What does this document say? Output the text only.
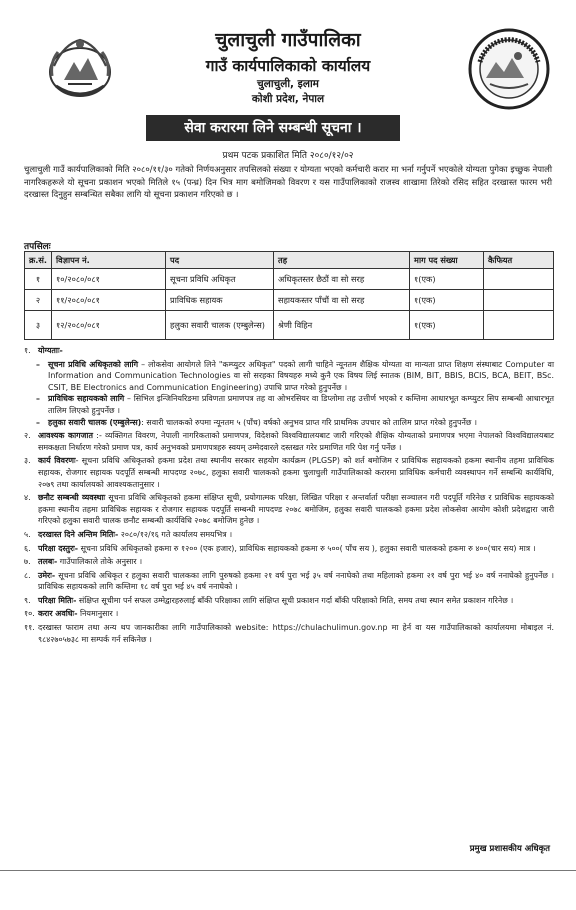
चुलाचुली गाउँपालिका
गाउँ कार्यपालिकाको कार्यालय
चुलाचुली, इलाम
कोशी प्रदेश, नेपाल
सेवा करारमा लिने सम्बन्धी सूचना ।
प्रथम पटक प्रकाशित मिति २०८०/१२/०२
चुलाचुली गाउँ कार्यपालिकाको मिति २०८०/११/३० गतेको निर्णयअनुसार तपसिलको संख्या र योग्यता भएको कर्मचारी करार मा भर्ना गर्नुपर्ने भएकोले योग्यता पुगेका इच्छुक नेपाली नागरिकहरूले यो सूचना प्रकाशन भएको मितिले १५ (पन्ध्र) दिन भित्र माग बमोजिमको विवरण र यस गाउँपालिकाको राजस्व शाखामा तिरेको रसिद सहित दरखास्त फारम भरी दरखास्त दिनुहुन सम्बन्धित सबैका लागि यो सूचना प्रकाशन गरिएको छ ।
तपसिलः
क्र.सं.	विज्ञापन नं.	पद	तह	माग पद संख्या	कैफियत
१	१०/२०८०/०८१	सूचना प्रविधि अधिकृत	अधिकृतस्तर छैठौं वा सो सरह	१(एक)	
२	११/२०८०/०८१	प्राविधिक सहायक	सहायकस्तर पाँचौं वा सो सरह	१(एक)	
३	१२/२०८०/०८१	हलुका सवारी चालक (एम्बुलेन्स)	श्रेणी विहिन	१(एक)	
१. योग्यताः-
–	सूचना प्रविधि अधिकृतको लागि – लोकसेवा आयोगले लिने "कम्प्युटर अधिकृत" पदको लागी चाहिने न्यूनतम शैक्षिक योग्यता वा मान्यता प्राप्त शिक्षण संस्थाबाट Computer वा Information and Communication Technologies वा सो सरहका विषयहरु मध्ये कुनै एक विषय लिई स्नातक (BIM, BIT, BBIS, BCIS, BCA, BEIT, BSc. CSIT, BE Electronics and Communication Engineering) उपाधि प्राप्त गरेको हुनुपर्नेछ ।
–	प्राविधिक सहायकको लागि – सिभिल इन्जिनियरिङमा प्रविणता प्रमाणपत्र तह वा ओभरसियर वा डिप्लोमा तह उत्तीर्ण भएको र कम्तिमा आधारभूत कम्प्युटर सिप सम्बन्धी आधारभूत तालिम लिएको हुनुपर्नेछ ।
–	हलुका सवारी चालक (एम्बुलेन्स): सवारी चालकको रुपमा न्यूनतम ५ (पाँच) वर्षको अनुभव प्राप्त गरि प्राथमिक उपचार को तालिम प्राप्त गरेको हुनुपर्नेछ ।
२. आवश्यक कागजात :- व्यक्तिगत विवरण, नेपाली नागरिकताको प्रमाणपत्र, विदेशको विश्वविद्यालयबाट जारी गरिएको शैक्षिक योग्यताको प्रमाणपत्र भएमा नेपालको विश्वविद्यालयबाट समकक्षता निर्धारण गरेको प्रमाण पत्र, कार्य अनुभवको प्रमाणपत्रहरु स्वयम् उम्मेदवारले दस्तखत गरेर प्रमाणित गरि पेश गर्नु पर्नेछ ।
३. कार्य विवरणः- सूचना प्रविधि अधिकृतको हकमा प्रदेश तथा स्थानीय सरकार सहयोग कार्यक्रम (PLGSP) को शर्त बमोजिम र प्राविधिक सहायकको हकमा स्थानीय तहमा प्राविधिक सहायक, रोजगार सहायक पदपूर्ति सम्बन्धी मापदण्ड २०७८, हलुका सवारी चालकको हकमा चुलाचुली गाउँपालिकाको करारमा प्राविधिक कर्मचारी व्यवस्थापन गर्ने सम्बन्धि कार्यविधि, २०७९ तथा कार्यालयको आवश्यकतानुसार ।
४. छनौट सम्बन्धी व्यवस्थाः सूचना प्रविधि अधिकृतको हकमा संक्षिप्त सूची, प्रयोगात्मक परिक्षा, लिखित परिक्षा र अन्तर्वार्ता परीक्षा सञ्चालन गरी पदपूर्ति गरिनेछ र प्राविधिक सहायकको हकमा स्थानीय तहमा प्राविधिक सहायक र रोजगार सहायक पदपूर्ति सम्बन्धी मापदण्ड २०७८ बमोजिम, हलुका सवारी चालकको हकमा प्रदेश लोकसेवा आयोग कोशी प्रदेशद्वारा जारी गरिएको हलुका सवारी चालक छनौट सम्बन्धी कार्यविधि २०७८ बमोजिम हुनेछ ।
५. दरखास्त दिने अन्तिम मितिः- २०८०/१२/१६ गते कार्यालय समयभित्र ।
६. परिक्षा दस्तुरः- सूचना प्रविधि अधिकृतको हकमा रु १२०० (एक हजार), प्राविधिक सहायकको हकमा रु ५००( पाँच सय ), हलुका सवारी चालकको हकमा रु ४००(चार सय) मात्र ।
७. तलबः- गाउँपालिकाले तोके अनुसार ।
८. उमेरः- सूचना प्रविधि अधिकृत र हलुका सवारी चालकका लागि पुरुषको हकमा २१ वर्ष पुरा भई ३५ वर्ष ननाघेको तथा महिलाको हकमा २१ वर्ष पुरा भई ४० वर्ष ननाघेको हुनुपर्नेछ । प्राविधिक सहायकको लागि कम्तिमा १८ वर्ष पुरा भई ४५ वर्ष ननाघेको ।
९. परिक्षा मितिः- संक्षिप्त सूचीमा पर्न सफल उम्मेद्वारहरुलाई बाँकी परिक्षाका लागि संक्षिप्त सूची प्रकाशन गर्दा बाँकी परिक्षाको मिति, समय तथा स्थान समेत प्रकाशन गरिनेछ ।
१०. करार अवधिः- नियमानुसार ।
११. दरखास्त फाराम तथा अन्य थप जानकारीका लागि गाउँपालिकाको website: https://chulachulimun.gov.np मा हेर्न वा यस गाउँपालिकाको कार्यालयमा मोबाइल नं. ९८४२७०५७३८ मा सम्पर्क गर्न सकिनेछ ।
प्रमुख प्रशासकीय अधिकृत
